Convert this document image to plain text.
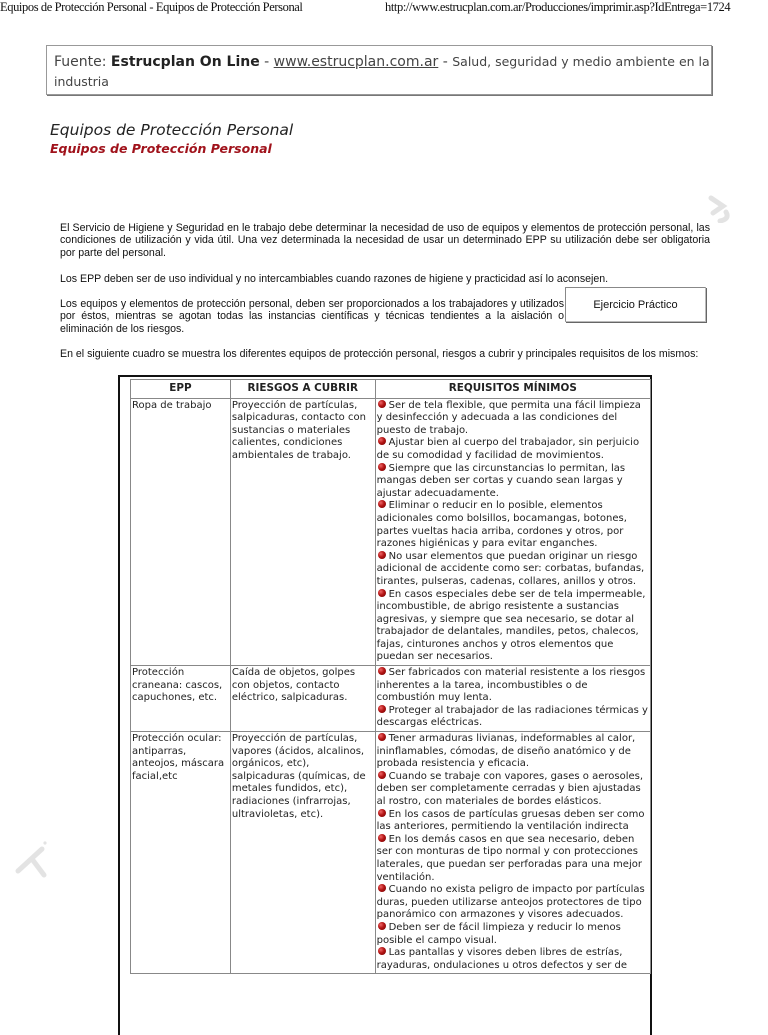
Equipos de Protección Personal - Equipos de Protección Personal	http://www.estrucplan.com.ar/Producciones/imprimir.asp?IdEntrega=1724
Fuente: Estrucplan On Line - www.estrucplan.com.ar - Salud, seguridad y medio ambiente en la industria
Equipos de Protección Personal
Equipos de Protección Personal

El Servicio de Higiene y Seguridad en le trabajo debe determinar la necesidad de uso de equipos y elementos de protección personal, las condiciones de utilización y vida útil. Una vez determinada la necesidad de usar un determinado EPP su utilización debe ser obligatoria por parte del personal.

Los EPP deben ser de uso individual y no intercambiables cuando razones de higiene y practicidad así lo aconsejen.

Los equipos y elementos de protección personal, deben ser proporcionados a los trabajadores y utilizados por éstos, mientras se agotan todas las instancias científicas y técnicas tendientes a la aislación o eliminación de los riesgos.

Ejercicio Práctico

En el siguiente cuadro se muestra los diferentes equipos de protección personal, riesgos a cubrir y principales requisitos de los mismos:

EPP	RIESGOS A CUBRIR	REQUISITOS MÍNIMOS
Ropa de trabajo	Proyección de partículas, salpicaduras, contacto con sustancias o materiales calientes, condiciones ambientales de trabajo.	
Ser de tela flexible, que permita una fácil limpieza y desinfección y adecuada a las condiciones del puesto de trabajo.
Ajustar bien al cuerpo del trabajador, sin perjuicio de su comodidad y facilidad de movimientos.
Siempre que las circunstancias lo permitan, las mangas deben ser cortas y cuando sean largas y ajustar adecuadamente.
Eliminar o reducir en lo posible, elementos adicionales como bolsillos, bocamangas, botones, partes vueltas hacia arriba, cordones y otros, por razones higiénicas y para evitar enganches.
No usar elementos que puedan originar un riesgo adicional de accidente como ser: corbatas, bufandas, tirantes, pulseras, cadenas, collares, anillos y otros.
En casos especiales debe ser de tela impermeable, incombustible, de abrigo resistente a sustancias agresivas, y siempre que sea necesario, se dotar al trabajador de delantales, mandiles, petos, chalecos, fajas, cinturones anchos y otros elementos que puedan ser necesarios.

Protección craneana: cascos, capuchones, etc.	Caída de objetos, golpes con objetos, contacto eléctrico, salpicaduras.	Ser fabricados con material resistente a los riesgos inherentes a la tarea, incombustibles o de combustión muy lenta.
Proteger al trabajador de las radiaciones térmicas y descargas eléctricas.

Protección ocular: antiparras, anteojos, máscara facial,etc	Proyección de partículas, vapores (ácidos, alcalinos, orgánicos, etc), salpicaduras (químicas, de metales fundidos, etc), radiaciones (infrarrojas, ultravioletas, etc).	
Tener armaduras livianas, indeformables al calor, ininflamables, cómodas, de diseño anatómico y de probada resistencia y eficacia.
Cuando se trabaje con vapores, gases o aerosoles, deben ser completamente cerradas y bien ajustadas al rostro, con materiales de bordes elásticos.
En los casos de partículas gruesas deben ser como las anteriores, permitiendo la ventilación indirecta
En los demás casos en que sea necesario, deben ser con monturas de tipo normal y con protecciones laterales, que puedan ser perforadas para una mejor ventilación.
Cuando no exista peligro de impacto por partículas duras, pueden utilizarse anteojos protectores de tipo panorámico con armazones y visores adecuados.
Deben ser de fácil limpieza y reducir lo menos posible el campo visual.
Las pantallas y visores deben libres de estrías, rayaduras, ondulaciones u otros defectos y ser de
